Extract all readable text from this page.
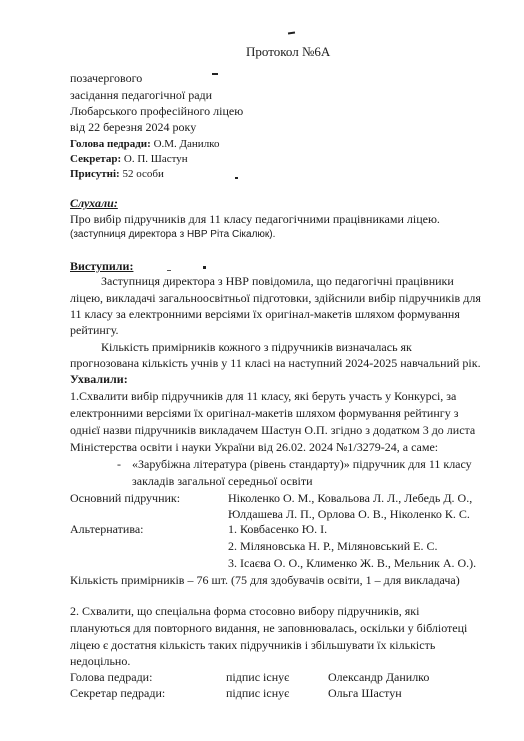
Протокол №6А
позачергового
засідання педагогічної ради
Любарського професійного ліцею
від 22 березня 2024 року
Голова педради: О.М. Данилко
Секретар: О. П. Шастун
Присутні: 52 особи
Слухали:
Про вибір підручників для 11 класу педагогічними працівниками ліцею.
(заступниця директора з НВР Ріта Сікалюк).
Виступили:
Заступниця директора з НВР повідомила, що педагогічні працівники
ліцею, викладачі загальноосвітньої підготовки, здійснили вибір підручників для
11 класу за електронними версіями їх оригінал-макетів шляхом формування
рейтингу.
Кількість примірників кожного з підручників визначалась як
прогнозована кількість учнів у 11 класі на наступний 2024-2025 навчальний рік.
Ухвалили:
1.Схвалити вибір підручників для 11 класу, які беруть участь у Конкурсі, за
електронними версіями їх оригінал-макетів шляхом формування рейтингу з
однієї назви підручників викладачем Шастун О.П. згідно з додатком 3 до листа
Міністерства освіти і науки України від 26.02. 2024 №1/3279-24, а саме:
- «Зарубіжна література (рівень стандарту)» підручник для 11 класу
закладів загальної середньої освіти
Основний підручник:	Ніколенко О. М., Ковальова Л. Л., Лебедь Д. О.,
Юлдашева Л. П., Орлова О. В., Ніколенко К. С.
Альтернатива:	1. Ковбасенко Ю. І.
2. Міляновська Н. Р., Міляновський Е. С.
3. Ісаєва О. О., Клименко Ж. В., Мельник А. О.).
Кількість примірників – 76 шт. (75 для здобувачів освіти, 1 – для викладача)
2. Схвалити, що спеціальна форма стосовно вибору підручників, які
плануються для повторного видання, не заповнювалась, оскільки у бібліотеці
ліцею є достатня кількість таких підручників і збільшувати їх кількість
недоцільно.
Голова педради:	підпис існує	Олександр Данилко
Секретар педради:	підпис існує	Ольга Шастун
